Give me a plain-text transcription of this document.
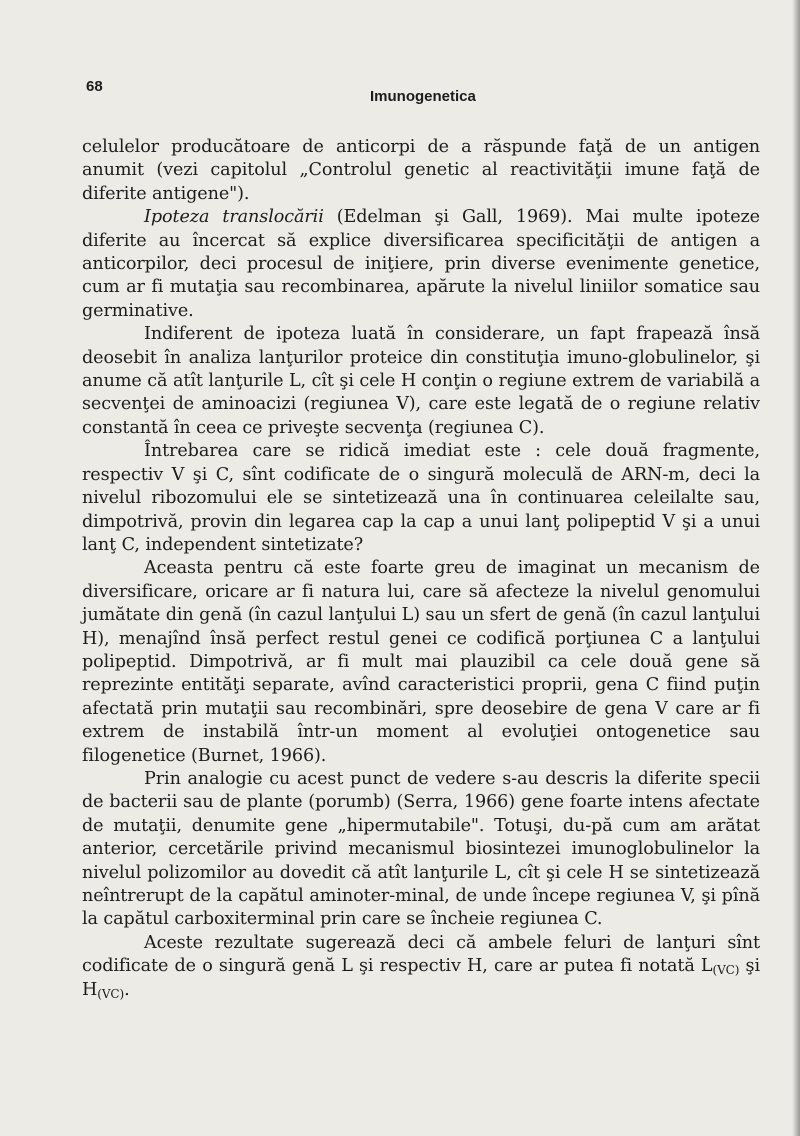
68
Imunogenetica

celulelor producătoare de anticorpi de a răspunde faţă de un antigen anumit (vezi capitolul „Controlul genetic al reactivităţii imune faţă de diferite antigene").

Ipoteza translocării (Edelman şi Gall, 1969). Mai multe ipoteze diferite au încercat să explice diversificarea specificităţii de antigen a anticorpilor, deci procesul de iniţiere, prin diverse evenimente genetice, cum ar fi mutaţia sau recombinarea, apărute la nivelul liniilor somatice sau germinative.

Indiferent de ipoteza luată în considerare, un fapt frapează însă deosebit în analiza lanţurilor proteice din constituţia imuno-globulinelor, şi anume că atît lanţurile L, cît şi cele H conţin o regiune extrem de variabilă a secvenţei de aminoacizi (regiunea V), care este legată de o regiune relativ constantă în ceea ce priveşte secvenţa (regiunea C).

Întrebarea care se ridică imediat este : cele două fragmente, respectiv V şi C, sînt codificate de o singură moleculă de ARN-m, deci la nivelul ribozomului ele se sintetizează una în continuarea celeilalte sau, dimpotrivă, provin din legarea cap la cap a unui lanţ polipeptid V şi a unui lanţ C, independent sintetizate?

Aceasta pentru că este foarte greu de imaginat un mecanism de diversificare, oricare ar fi natura lui, care să afecteze la nivelul genomului jumătate din genă (în cazul lanţului L) sau un sfert de genă (în cazul lanţului H), menajînd însă perfect restul genei ce codifică porţiunea C a lanţului polipeptid. Dimpotrivă, ar fi mult mai plauzibil ca cele două gene să reprezinte entităţi separate, avînd caracteristici proprii, gena C fiind puţin afectată prin mutaţii sau recombinări, spre deosebire de gena V care ar fi extrem de instabilă într-un moment al evoluţiei ontogenetice sau filogenetice (Burnet, 1966).

Prin analogie cu acest punct de vedere s-au descris la diferite specii de bacterii sau de plante (porumb) (Serra, 1966) gene foarte intens afectate de mutaţii, denumite gene „hipermutabile". Totuşi, du-pă cum am arătat anterior, cercetările privind mecanismul biosintezei imunoglobulinelor la nivelul polizomilor au dovedit că atît lanţurile L, cît şi cele H se sintetizează neîntrerupt de la capătul aminoter-minal, de unde începe regiunea V, şi pînă la capătul carboxiterminal prin care se încheie regiunea C.

Aceste rezultate sugerează deci că ambele feluri de lanţuri sînt codificate de o singură genă L şi respectiv H, care ar putea fi notată $L_{(VC)}$ şi $H_{(VC)}$.
